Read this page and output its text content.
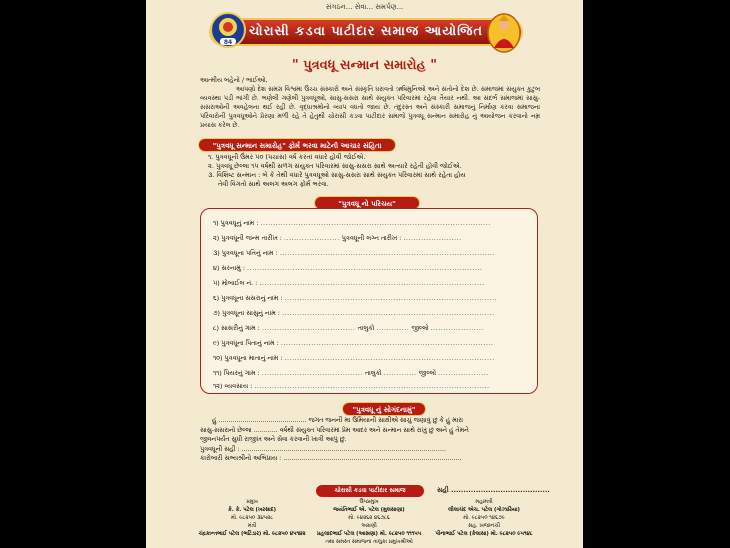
સંગઠન... સેવા... સમર્પણ...
ચોરાસી કડવા પાટીદાર સમાજ આયોજિત
84
" પુત્રવધૂ સન્માન સમારોહ "
આત્મીય બહેનો / ભાઈઓ,
આપણો દેશ સમગ્ર વિશ્વમાં ઉચ્ચ સંસ્કારો અને સંસ્કૃતિ ધરાવતો ઋષિમુનિઓ અને સંતોનો દેશ છે. સમાજમાં સંયુક્ત કુટુંબ વ્યવસ્થા પડી ભાંગી છે. ભણેલી ગણેલી પુત્રવધૂઓ, સાસુ-સસરા સાથે સંયુક્ત પરિવારમાં રહેવા તૈયાર નથી. આ સંદર્ભ સમાજમાં સાસુ-સસરાઓની અવહેલના થઈ રહી છે. વૃદ્ધાશ્રમોનો વ્યાપ વધતો જાય છે. તંદુરસ્ત અને સંસ્કારી સમાજનું નિર્માણ કરવા સમાજના પરિવારોની પુત્રવધૂઓને પ્રેરણા મળી રહે તે હેતુથી ચોરાસી કડવા પાટીદાર સમાજે પુત્રવધૂ સન્માન સમારોહ નું આયોજન કરવાનો નમ્ર પ્રયાસ કરેલ છે.
"પુત્રવધૂ સન્માન સમારોહ" ફોર્મ ભરવા માટેની આચાર સંહિતા
૧. પુત્રવધૂની ઉંમર ૫૦ (પચાસ) વર્ષ કરતાં વધારે હોવી જોઈએ.
૨. પુત્રવધૂ છેલ્લા ૧૫ વર્ષથી સળંગ સંયુક્ત પરિવારમાં સાસુ-સસરા સાથે અત્યારે રહેતી હોવી જોઈએ.
૩. વિશિષ્ટ સન્માન : બે કે તેથી વધારે પુત્રવધૂઓ સાસુ-સસરા સાથે સંયુક્ત પરિવારમાં સાથે રહેતા હોય
તેવી વિગતો સાથે અલગ અલગ ફોર્મ ભરવા.
"પુત્રવધૂ નો પરિચય"
૧) પુત્રવધૂનું નામ : ...........................................................................................
૨) પુત્રવધૂની જન્મ તારીખ : ...................... પુત્રવધૂની લગ્ન તારીખ : .......................
૩) પુત્રવધૂના પતિનું નામ : .....................................................................................
૪) સરનામું : .............................................................................................
૫) મોબાઈલ નં. : .........................................................................................
૬) પુત્રવધૂના સસરાનું નામ : ....................................................................................
૭) પુત્રવધૂના સાસુનું નામ : ....................................................................................
૮) સાસરીનું ગામ : ..................................... તાલુકો ............. જીલ્લો .....................
૯) પુત્રવધૂના પિતાનું નામ : ....................................................................................
૧૦) પુત્રવધૂના માતાનું નામ : ...................................................................................
૧૧) પિયરનું ગામ : ........................................ તાલુકો ............. જીલ્લો ....................
૧૨) વ્યવસાય : .............................................................................................
"પુત્રવધૂ નું સોગંદનામું"
હું ............................................ જગત જનની મા ઉમિયાની સાક્ષીએ સાચું જણાવું છું કે હું મારા
સાસુ-સસરાનો છેલ્લા ............ વર્ષથી સંયુક્ત પરિવારમાં પ્રેમ આદર અને સન્માન સાથે રાખું છું અને હું તેમને
જીવનપર્યંત સુધી રાજીખ અને સેવા કરવાની ખાત્રી આપું છું.
પુત્રવધૂની સહી : ......................................................................................................
કારોબારી સભ્યશ્રીનો અભિપ્રાય : .........................................................................................
સહી ........................................
ચોરાસી કડવા પાટીદાર સમાજ
પ્રમુખ
કે. કે. પટેલ (ખરસાદ)
મો. ૯૮૨૫૦ ૩૪૫૨૮
મંત્રી
ચંદ્રકાન્તભાઈ પટેલ (ભટિંડાર) મો. ૯૮૨૫૦ ૪૫૧૪૨
ઉપપ્રમુખ
જયંતિભાઈ એ. પટેલ (મુલસાણા)
મો. ૯૪૨૬૨ ૪૬૭૮૬
અગ્રણી
પ્રહલાદભાઈ પટેલ (આસણા) મો. ૯૮૨૫૦ ૧૧૧૫૫
તથા સમસ્ત સમાજના તાલુકા પ્રમુખશ્રીઓ
મહામંત્રી
લીલાચંદ એચ. પટેલ (ગોઝારિયા)
મો. ૯૮૨૫૦ ૧૪૬૭૯
સહ. ખજાનચી
પીનાભાઈ પટેલ (કેલાસા) મો. ૯૮૨૫૦ ૯૫૧૪૮
